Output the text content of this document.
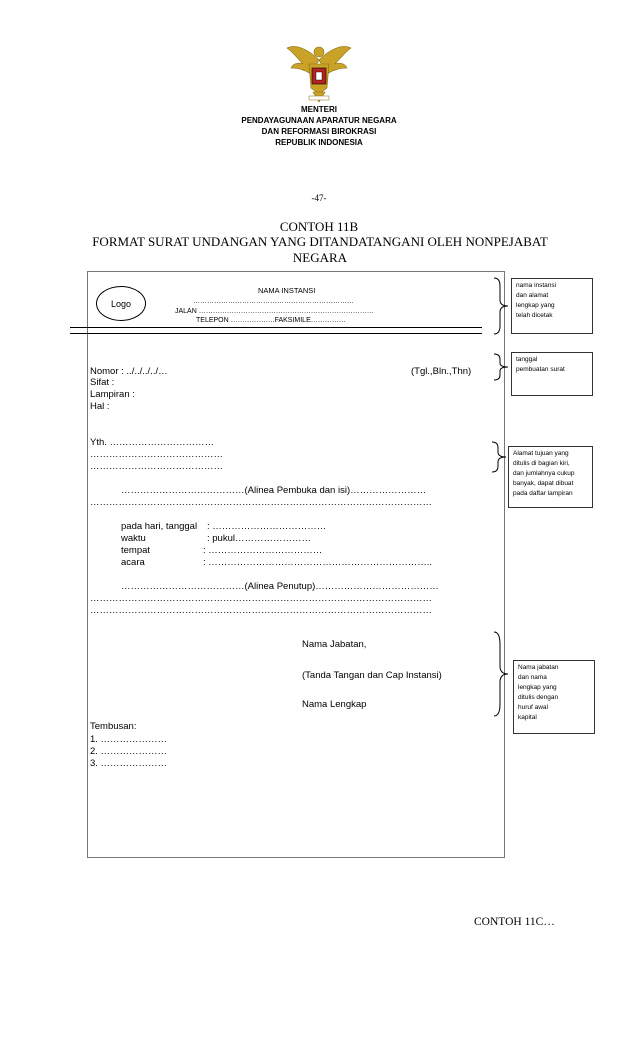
MENTERI
PENDAYAGUNAAN APARATUR NEGARA
DAN REFORMASI BIROKRASI
REPUBLIK INDONESIA
-47-
CONTOH 11B
FORMAT SURAT UNDANGAN YANG DITANDATANGANI OLEH NONPEJABAT NEGARA
Logo
NAMA INSTANSI
……………………………………………………………
JALAN …………………………………………………………………
TELEPON ……………….FAKSIMILE……………
Nomor : ../../../../…	(Tgl.,Bln.,Thn)
Sifat :
Lampiran :
Hal :
Yth. ……………………………
……………………………………
……………………………………
…………………………………(Alinea Pembuka dan isi)……………………
………………………………………………………………………………………………
pada hari, tanggal : ………………………………
waktu	: pukul……………………
tempat	: ………………………………
acara	: ……………………………………………………………..
…………………………………(Alinea Penutup)…………………………………
………………………………………………………………………………………………
………………………………………………………………………………………………
Nama Jabatan,
(Tanda Tangan dan Cap Instansi)
Nama Lengkap
Tembusan:
1. …………………
2. …………………
3. …………………
nama instansi
dan alamat
lengkap yang
telah dicetak
tanggal
pembuatan surat
Alamat tujuan yang
ditulis di bagian kiri,
dan jumlahnya cukup
banyak, dapat dibuat
pada daftar lampiran
Nama jabatan
dan nama
lengkap yang
ditulis dengan
huruf awal
kapital
CONTOH 11C…
